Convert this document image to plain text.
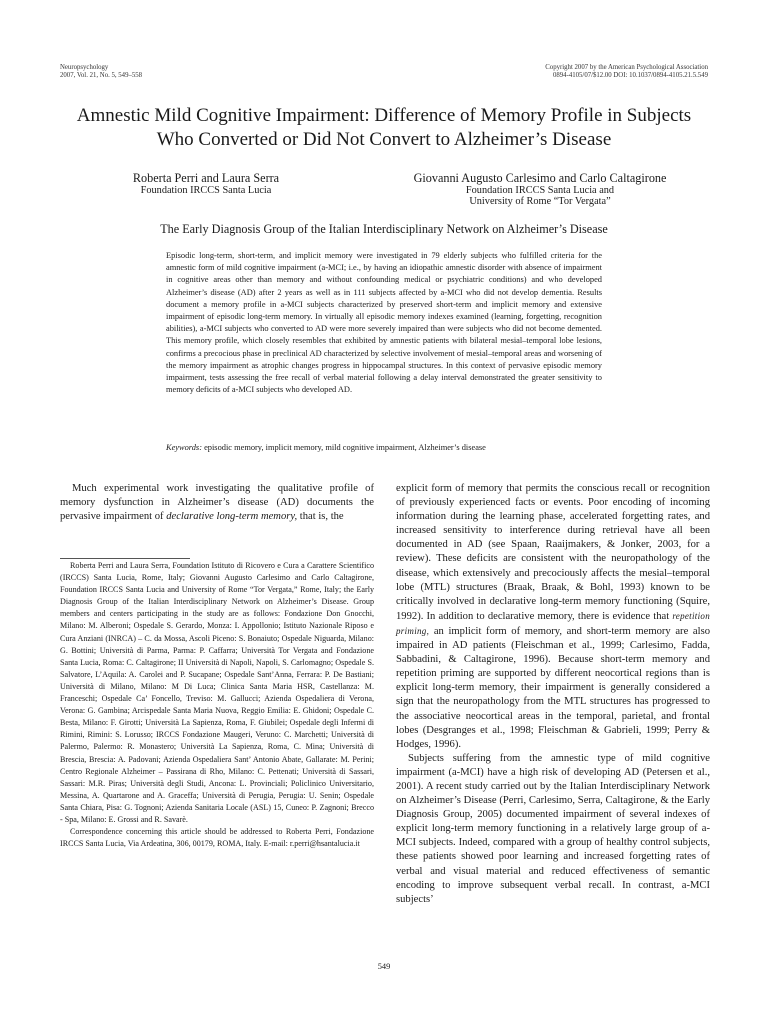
Neuropsychology
2007, Vol. 21, No. 5, 549–558
Copyright 2007 by the American Psychological Association
0894-4105/07/$12.00 DOI: 10.1037/0894-4105.21.5.549
Amnestic Mild Cognitive Impairment: Difference of Memory Profile in Subjects Who Converted or Did Not Convert to Alzheimer’s Disease
Roberta Perri and Laura Serra
Foundation IRCCS Santa Lucia
Giovanni Augusto Carlesimo and Carlo Caltagirone
Foundation IRCCS Santa Lucia and
University of Rome “Tor Vergata”
The Early Diagnosis Group of the Italian Interdisciplinary Network on Alzheimer’s Disease
Episodic long-term, short-term, and implicit memory were investigated in 79 elderly subjects who fulfilled criteria for the amnestic form of mild cognitive impairment (a-MCI; i.e., by having an idiopathic amnestic disorder with absence of impairment in cognitive areas other than memory and without confounding medical or psychiatric conditions) and who developed Alzheimer’s disease (AD) after 2 years as well as in 111 subjects affected by a-MCI who did not develop dementia. Results document a memory profile in a-MCI subjects characterized by preserved short-term and implicit memory and extensive impairment of episodic long-term memory. In virtually all episodic memory indexes examined (learning, forgetting, recognition abilities), a-MCI subjects who converted to AD were more severely impaired than were subjects who did not become demented. This memory profile, which closely resembles that exhibited by amnestic patients with bilateral mesial–temporal lobe lesions, confirms a precocious phase in preclinical AD characterized by selective involvement of mesial–temporal areas and worsening of the memory impairment as atrophic changes progress in hippocampal structures. In this context of pervasive episodic memory impairment, tests assessing the free recall of verbal material following a delay interval demonstrated the greater sensitivity to memory deficits of a-MCI subjects who developed AD.
Keywords: episodic memory, implicit memory, mild cognitive impairment, Alzheimer’s disease

Much experimental work investigating the qualitative profile of memory dysfunction in Alzheimer’s disease (AD) documents the pervasive impairment of declarative long-term memory, that is, the

Roberta Perri and Laura Serra, Foundation Istituto di Ricovero e Cura a Carattere Scientifico (IRCCS) Santa Lucia, Rome, Italy; Giovanni Augusto Carlesimo and Carlo Caltagirone, Foundation IRCCS Santa Lucia and University of Rome “Tor Vergata,” Rome, Italy; the Early Diagnosis Group of the Italian Interdisciplinary Network on Alzheimer’s Disease. Group members and centers participating in the study are as follows: Fondazione Don Gnocchi, Milano: M. Alberoni; Ospedale S. Gerardo, Monza: I. Appollonio; Istituto Nazionale Riposo e Cura Anziani (INRCA) – C. da Mossa, Ascoli Piceno: S. Bonaiuto; Ospedale Niguarda, Milano: G. Bottini; Università di Parma, Parma: P. Caffarra; Università Tor Vergata and Fondazione Santa Lucia, Roma: C. Caltagirone; II Università di Napoli, Napoli, S. Carlomagno; Ospedale S. Salvatore, L’Aquila: A. Carolei and P. Sucapane; Ospedale Sant’Anna, Ferrara: P. De Bastiani; Università di Milano, Milano: M Di Luca; Clinica Santa Maria HSR, Castellanza: M. Franceschi; Ospedale Ca’ Foncello, Treviso: M. Gallucci; Azienda Ospedaliera di Verona, Verona: G. Gambina; Arcispedale Santa Maria Nuova, Reggio Emilia: E. Ghidoni; Ospedale C. Besta, Milano: F. Girotti; Università La Sapienza, Roma, F. Giubilei; Ospedale degli Infermi di Rimini, Rimini: S. Lorusso; IRCCS Fondazione Maugeri, Veruno: C. Marchetti; Università di Palermo, Palermo: R. Monastero; Università La Sapienza, Roma, C. Mina; Università di Brescia, Brescia: A. Padovani; Azienda Ospedaliera Sant’ Antonio Abate, Gallarate: M. Perini; Centro Regionale Alzheimer – Passirana di Rho, Milano: C. Pettenati; Università di Sassari, Sassari: M.R. Piras; Università degli Studi, Ancona: L. Provinciali; Policlinico Universitario, Messina, A. Quartarone and A. Graceffa; Università di Perugia, Perugia: U. Senin; Ospedale Santa Chiara, Pisa: G. Tognoni; Azienda Sanitaria Locale (ASL) 15, Cuneo: P. Zagnoni; Brecco - Spa, Milano: E. Grossi and R. Savarè.

Correspondence concerning this article should be addressed to Roberta Perri, Fondazione IRCCS Santa Lucia, Via Ardeatina, 306, 00179, ROMA, Italy. E-mail: r.perri@hsantalucia.it

explicit form of memory that permits the conscious recall or recognition of previously experienced facts or events. Poor encoding of incoming information during the learning phase, accelerated forgetting rates, and increased sensitivity to interference during retrieval have all been documented in AD (see Spaan, Raaijmakers, & Jonker, 2003, for a review). These deficits are consistent with the neuropathology of the disease, which extensively and precociously affects the mesial–temporal lobe (MTL) structures (Braak, Braak, & Bohl, 1993) known to be critically involved in declarative long-term memory functioning (Squire, 1992). In addition to declarative memory, there is evidence that repetition priming, an implicit form of memory, and short-term memory are also impaired in AD patients (Fleischman et al., 1999; Carlesimo, Fadda, Sabbadini, & Caltagirone, 1996). Because short-term memory and repetition priming are supported by different neocortical regions than is explicit long-term memory, their impairment is generally considered a sign that the neuropathology from the MTL structures has progressed to the associative neocortical areas in the temporal, parietal, and frontal lobes (Desgranges et al., 1998; Fleischman & Gabrieli, 1999; Perry & Hodges, 1996).

Subjects suffering from the amnestic type of mild cognitive impairment (a-MCI) have a high risk of developing AD (Petersen et al., 2001). A recent study carried out by the Italian Interdisciplinary Network on Alzheimer’s Disease (Perri, Carlesimo, Serra, Caltagirone, & the Early Diagnosis Group, 2005) documented impairment of several indexes of explicit long-term memory functioning in a relatively large group of a-MCI subjects. Indeed, compared with a group of healthy control subjects, these patients showed poor learning and increased forgetting rates of verbal and visual material and reduced effectiveness of semantic encoding to improve subsequent verbal recall. In contrast, a-MCI subjects’

549
